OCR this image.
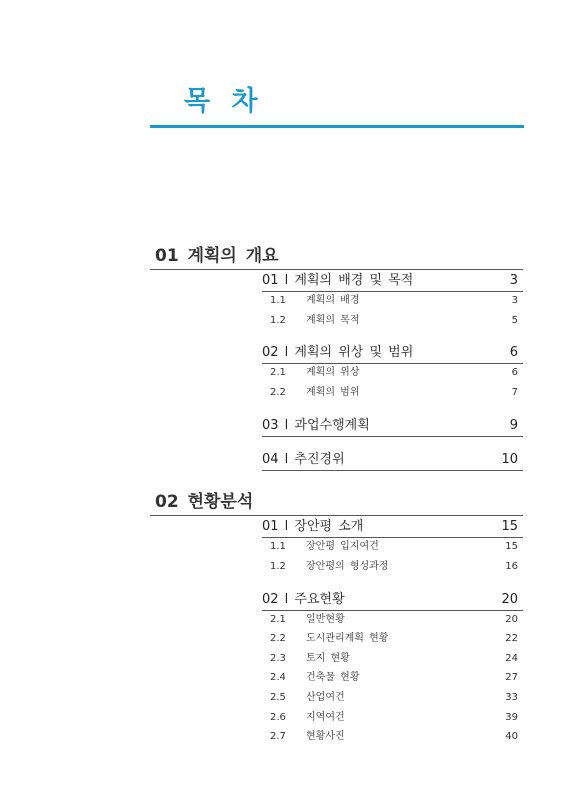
목 차
01 계획의 개요
01 l 계획의 배경 및 목적	3
1.1	계획의 배경	3
1.2	계획의 목적	5
02 l 계획의 위상 및 범위	6
2.1	계획의 위상	6
2.2	계획의 범위	7
03 l 과업수행계획	9
04 l 추진경위	10
02 현황분석
01 l 장안평 소개	15
1.1	장안평 입지여건	15
1.2	장안평의 형성과정	16
02 l 주요현황	20
2.1	일반현황	20
2.2	도시관리계획 현황	22
2.3	토지 현황	24
2.4	건축물 현황	27
2.5	산업여건	33
2.6	지역여건	39
2.7	현황사진	40
